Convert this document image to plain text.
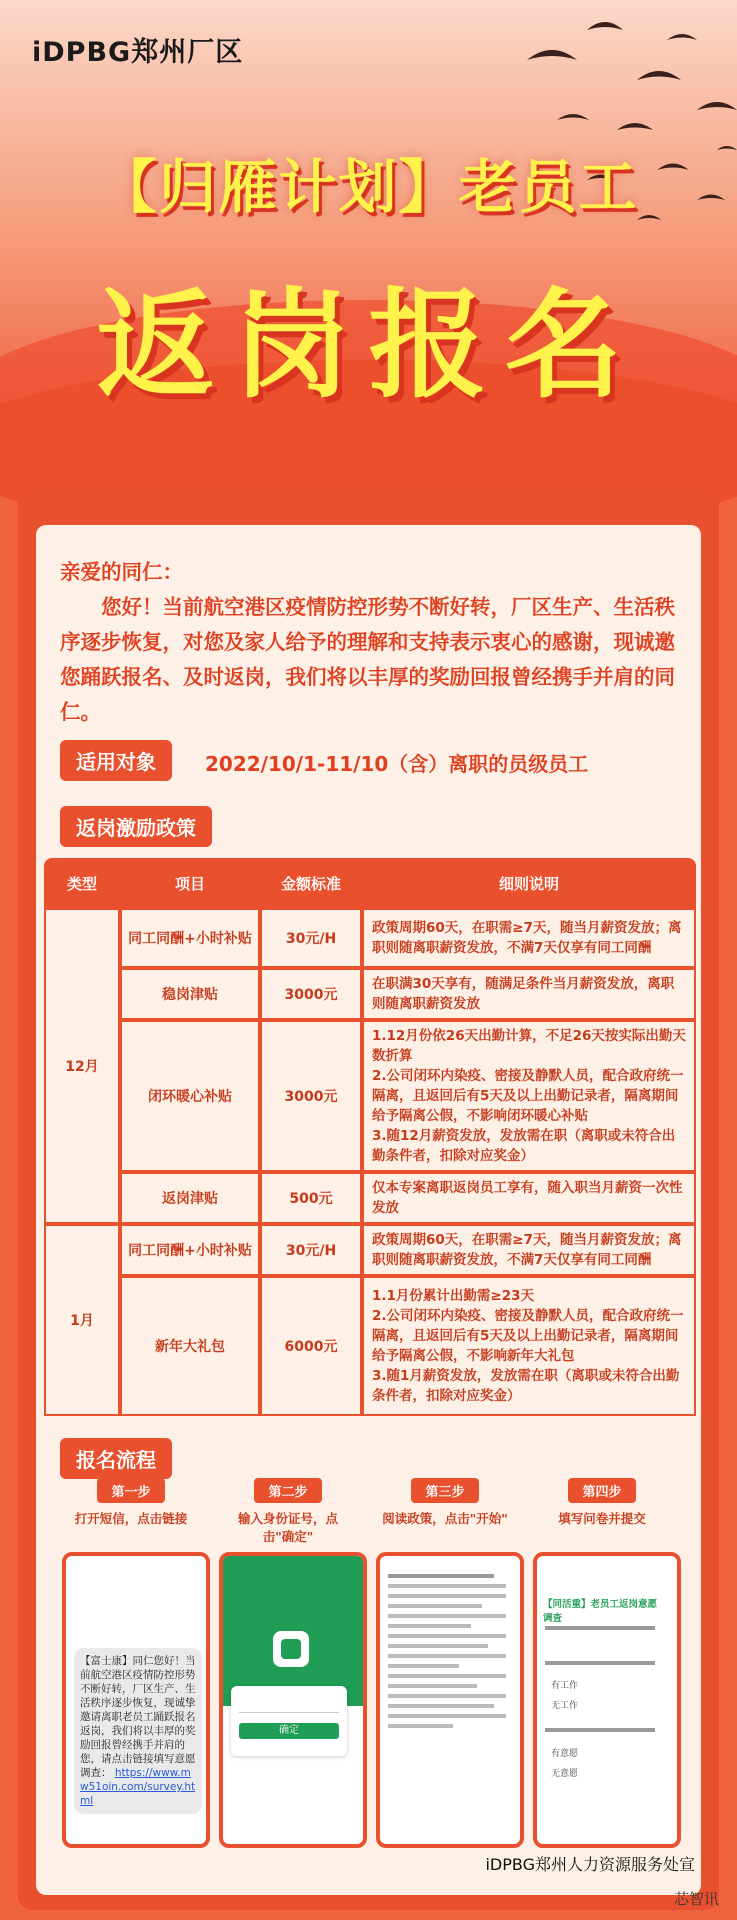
iDPBG郑州厂区
【归雁计划】老员工
返岗报名

亲爱的同仁：

您好！当前航空港区疫情防控形势不断好转，厂区生产、生活秩序逐步恢复，对您及家人给予的理解和支持表示衷心的感谢，现诚邀您踊跃报名、及时返岗，我们将以丰厚的奖励回报曾经携手并肩的同仁。

适用对象	2022/10/1-11/10（含）离职的员级员工
返岗激励政策
类型	项目	金额标准	细则说明
12月	同工同酬+小时补贴	30元/H	政策周期60天，在职需≥7天，随当月薪资发放；离职则随离职薪资发放，不满7天仅享有同工同酬
	稳岗津贴	3000元	在职满30天享有，随满足条件当月薪资发放，离职则随离职薪资发放
	闭环暖心补贴	3000元	1.12月份依26天出勤计算，不足26天按实际出勤天数折算
2.公司闭环内染疫、密接及静默人员，配合政府统一隔离，且返回后有5天及以上出勤记录者，隔离期间给予隔离公假，不影响闭环暖心补贴
3.随12月薪资发放，发放需在职（离职或未符合出勤条件者，扣除对应奖金）
	返岗津贴	500元	仅本专案离职返岗员工享有，随入职当月薪资一次性发放
1月	同工同酬+小时补贴	30元/H	政策周期60天，在职需≥7天，随当月薪资发放；离职则随离职薪资发放，不满7天仅享有同工同酬
	新年大礼包	6000元	1.1月份累计出勤需≥23天
2.公司闭环内染疫、密接及静默人员，配合政府统一隔离，且返回后有5天及以上出勤记录者，隔离期间给予隔离公假，不影响新年大礼包
3.随1月薪资发放，发放需在职（离职或未符合出勤条件者，扣除对应奖金）
报名流程
第一步
打开短信，点击链接
第二步
输入身份证号，点击"确定"
第三步
阅读政策，点击"开始"
第四步
填写问卷并提交
【富士康】同仁您好！当前航空港区疫情防控形势不断好转，厂区生产、生活秩序逐步恢复，现诚挚邀请离职老员工踊跃报名返岗，我们将以丰厚的奖励回报曾经携手并肩的您，请点击链接填写意愿调查： https://www.mw51oin.com/survey.html
确定
【同活重】老员工返岗意愿调查
有工作
无工作
有意愿
无意愿
iDPBG郑州人力资源服务处宣
芯智讯
